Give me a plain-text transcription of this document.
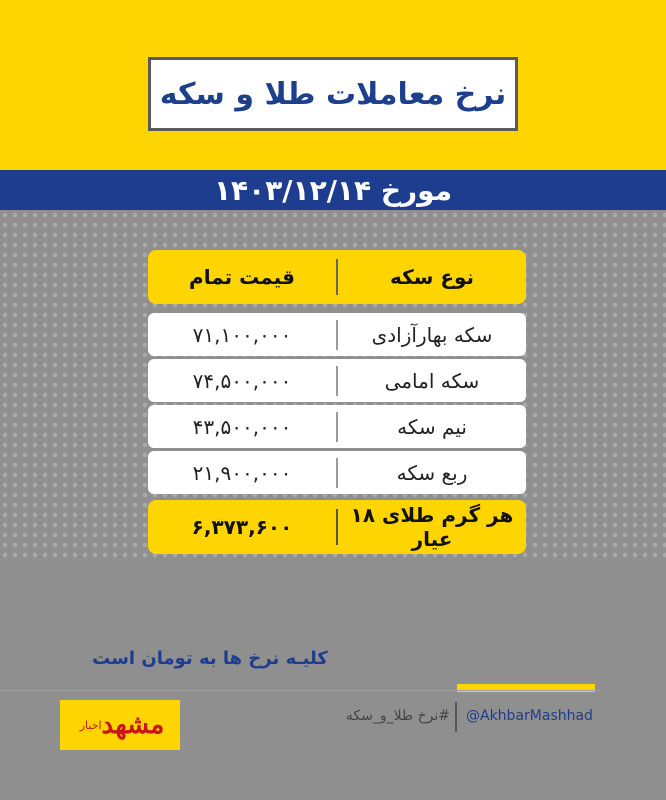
نرخ معاملات طلا و سکه
مورخ ۱۴۰۳/۱۲/۱۴
نوع سکه
قیمت تمام
سکه بهارآزادی
۷۱,۱۰۰,۰۰۰
سکه امامی
۷۴,۵۰۰,۰۰۰
نیم سکه
۴۳,۵۰۰,۰۰۰
ربع سکه
۲۱,۹۰۰,۰۰۰
هر گرم طلای ۱۸ عیار
۶,۳۷۳,۶۰۰
کلیـه نرخ ها به تومان است
مشهد
اخبار
#نرخ طلا_و_سکه @AkhbarMashhad
